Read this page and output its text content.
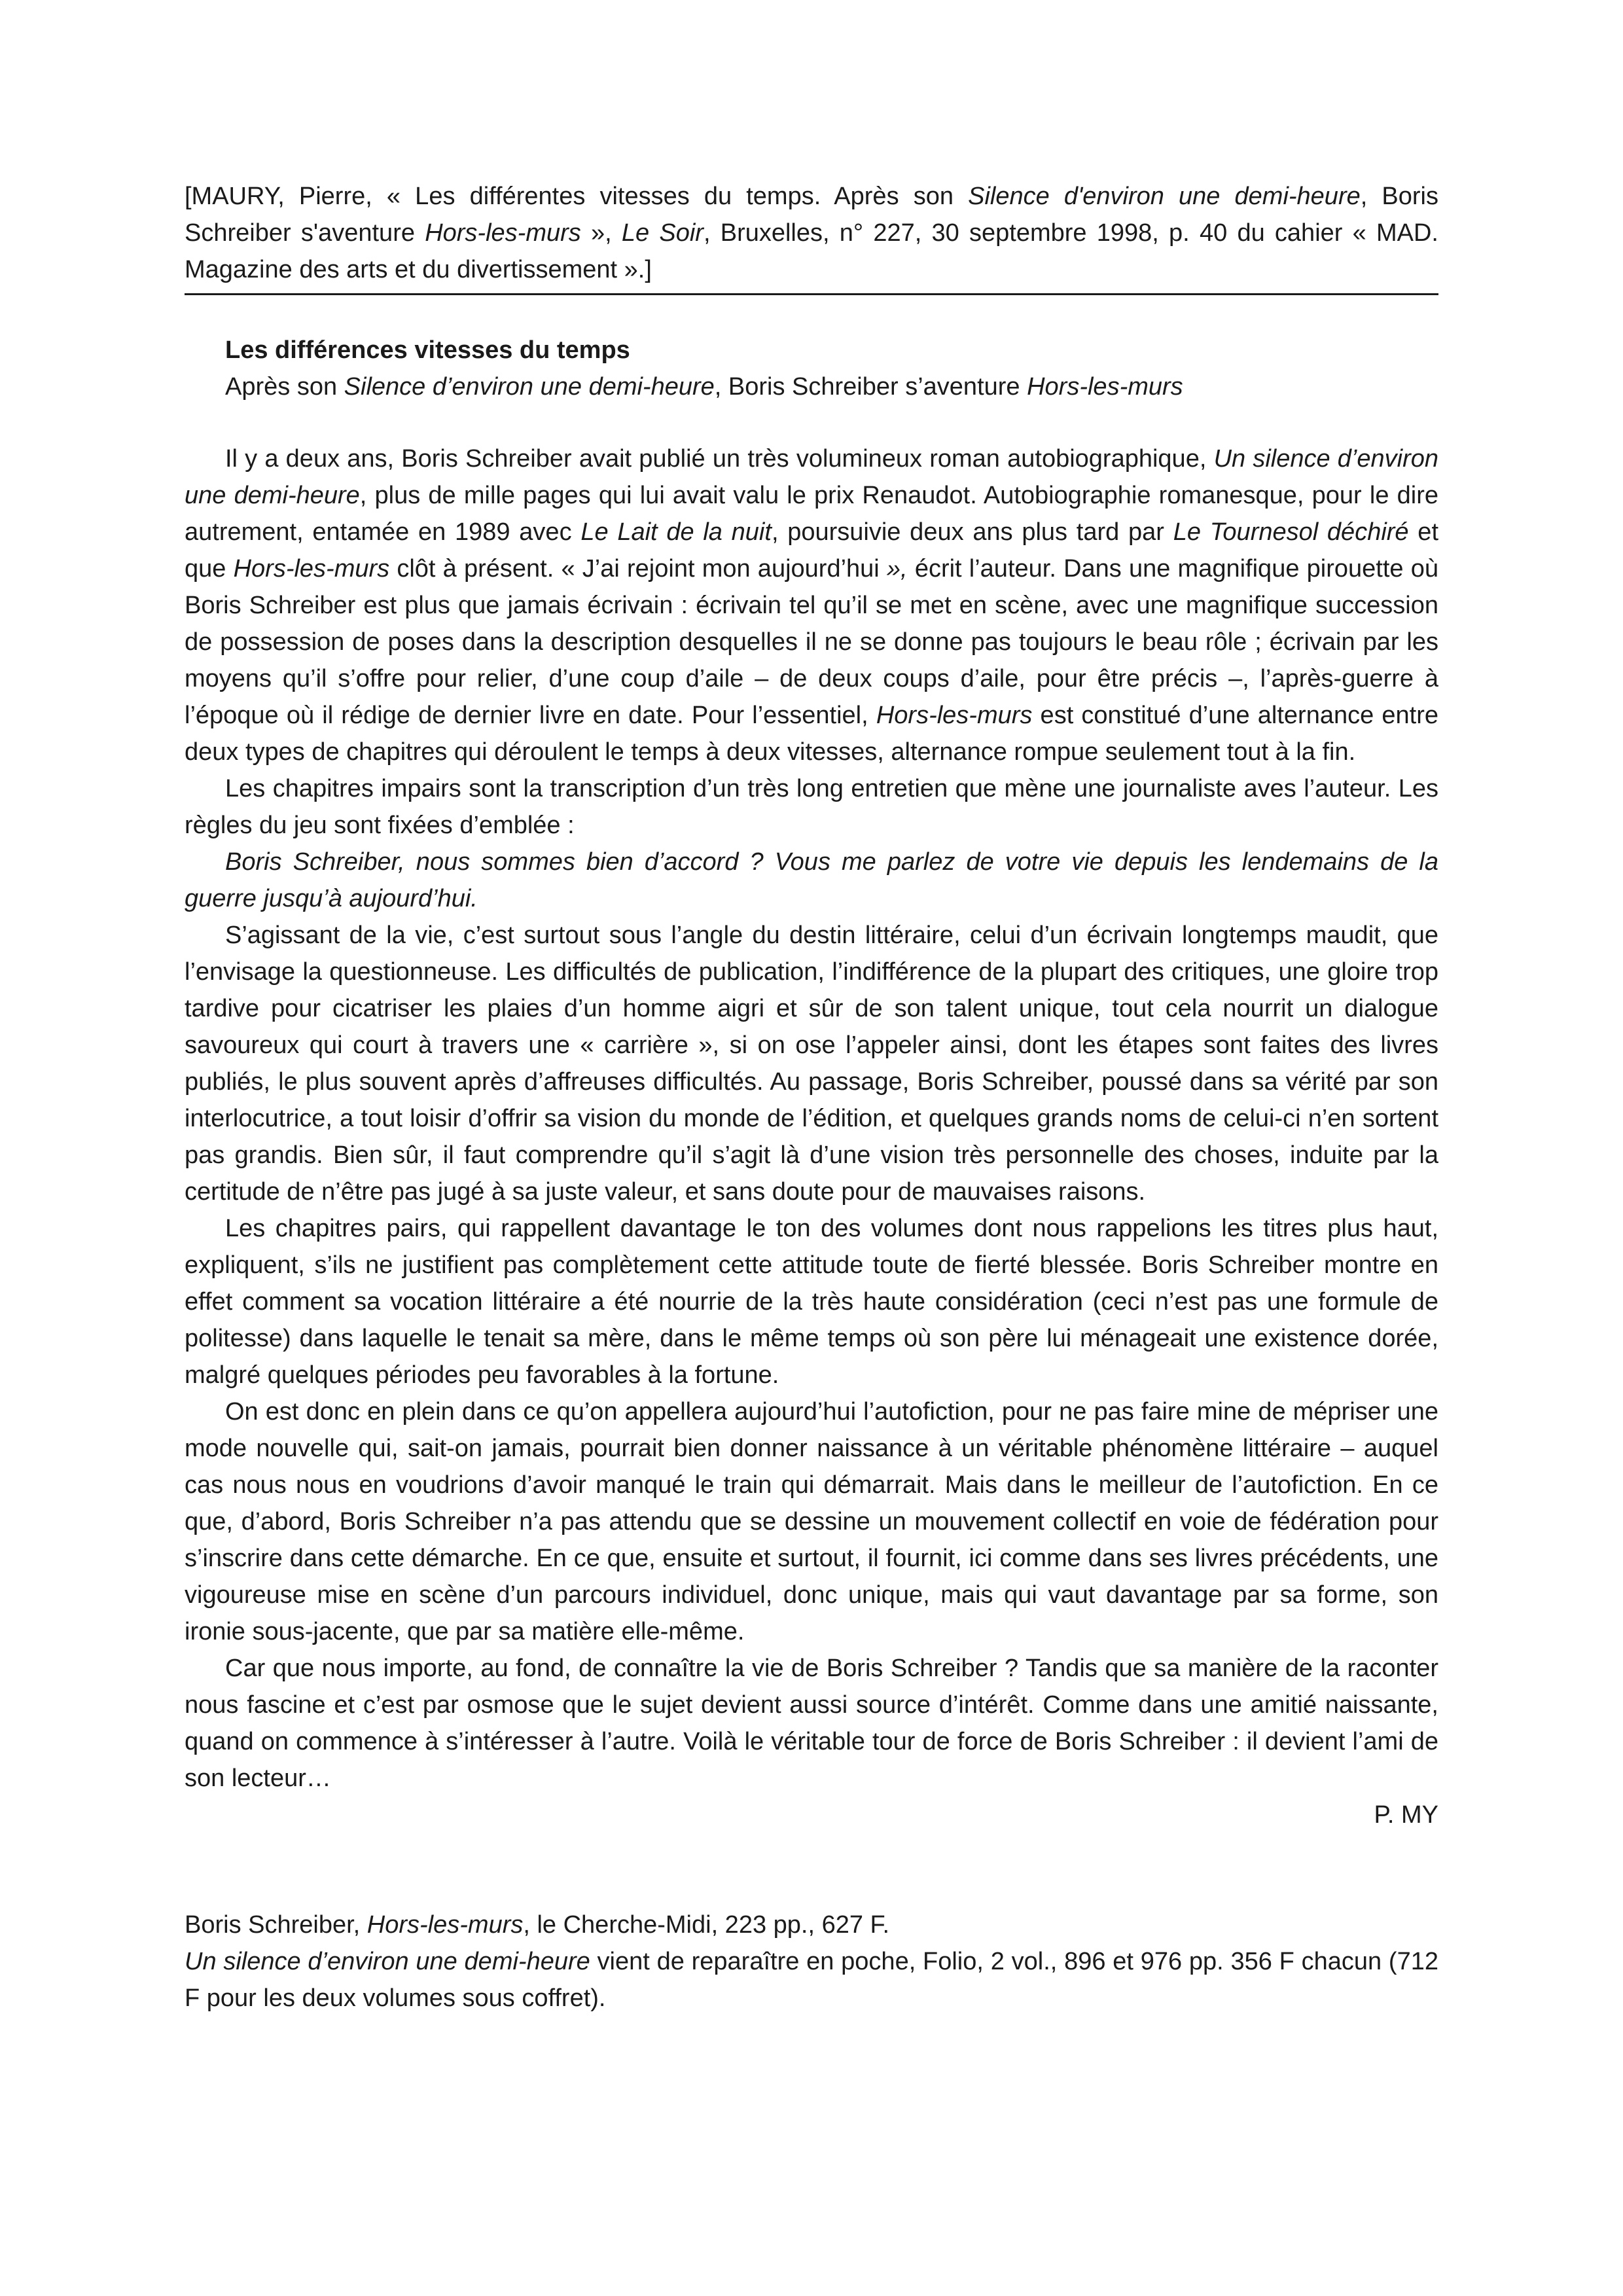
[MAURY, Pierre, « Les différentes vitesses du temps. Après son Silence d'environ une demi-heure, Boris Schreiber s'aventure Hors-les-murs », Le Soir, Bruxelles, n° 227, 30 septembre 1998, p. 40 du cahier « MAD. Magazine des arts et du divertissement ».]

Les différences vitesses du temps
Après son Silence d’environ une demi-heure, Boris Schreiber s’aventure Hors-les-murs

Il y a deux ans, Boris Schreiber avait publié un très volumineux roman autobiographique, Un silence d’environ une demi-heure, plus de mille pages qui lui avait valu le prix Renaudot. Autobiographie romanesque, pour le dire autrement, entamée en 1989 avec Le Lait de la nuit, poursuivie deux ans plus tard par Le Tournesol déchiré et que Hors-les-murs clôt à présent. « J’ai rejoint mon aujourd’hui », écrit l’auteur. Dans une magnifique pirouette où Boris Schreiber est plus que jamais écrivain : écrivain tel qu’il se met en scène, avec une magnifique succession de possession de poses dans la description desquelles il ne se donne pas toujours le beau rôle ; écrivain par les moyens qu’il s’offre pour relier, d’une coup d’aile – de deux coups d’aile, pour être précis –, l’après-guerre à l’époque où il rédige de dernier livre en date. Pour l’essentiel, Hors-les-murs est constitué d’une alternance entre deux types de chapitres qui déroulent le temps à deux vitesses, alternance rompue seulement tout à la fin.

Les chapitres impairs sont la transcription d’un très long entretien que mène une journaliste aves l’auteur. Les règles du jeu sont fixées d’emblée :

Boris Schreiber, nous sommes bien d’accord ? Vous me parlez de votre vie depuis les lendemains de la guerre jusqu’à aujourd’hui.

S’agissant de la vie, c’est surtout sous l’angle du destin littéraire, celui d’un écrivain longtemps maudit, que l’envisage la questionneuse. Les difficultés de publication, l’indifférence de la plupart des critiques, une gloire trop tardive pour cicatriser les plaies d’un homme aigri et sûr de son talent unique, tout cela nourrit un dialogue savoureux qui court à travers une « carrière », si on ose l’appeler ainsi, dont les étapes sont faites des livres publiés, le plus souvent après d’affreuses difficultés. Au passage, Boris Schreiber, poussé dans sa vérité par son interlocutrice, a tout loisir d’offrir sa vision du monde de l’édition, et quelques grands noms de celui-ci n’en sortent pas grandis. Bien sûr, il faut comprendre qu’il s’agit là d’une vision très personnelle des choses, induite par la certitude de n’être pas jugé à sa juste valeur, et sans doute pour de mauvaises raisons.

Les chapitres pairs, qui rappellent davantage le ton des volumes dont nous rappelions les titres plus haut, expliquent, s’ils ne justifient pas complètement cette attitude toute de fierté blessée. Boris Schreiber montre en effet comment sa vocation littéraire a été nourrie de la très haute considération (ceci n’est pas une formule de politesse) dans laquelle le tenait sa mère, dans le même temps où son père lui ménageait une existence dorée, malgré quelques périodes peu favorables à la fortune.

On est donc en plein dans ce qu’on appellera aujourd’hui l’autofiction, pour ne pas faire mine de mépriser une mode nouvelle qui, sait-on jamais, pourrait bien donner naissance à un véritable phénomène littéraire – auquel cas nous nous en voudrions d’avoir manqué le train qui démarrait. Mais dans le meilleur de l’autofiction. En ce que, d’abord, Boris Schreiber n’a pas attendu que se dessine un mouvement collectif en voie de fédération pour s’inscrire dans cette démarche. En ce que, ensuite et surtout, il fournit, ici comme dans ses livres précédents, une vigoureuse mise en scène d’un parcours individuel, donc unique, mais qui vaut davantage par sa forme, son ironie sous-jacente, que par sa matière elle-même.

Car que nous importe, au fond, de connaître la vie de Boris Schreiber ? Tandis que sa manière de la raconter nous fascine et c’est par osmose que le sujet devient aussi source d’intérêt. Comme dans une amitié naissante, quand on commence à s’intéresser à l’autre. Voilà le véritable tour de force de Boris Schreiber : il devient l’ami de son lecteur…

P. MY

Boris Schreiber, Hors-les-murs, le Cherche-Midi, 223 pp., 627 F.

Un silence d’environ une demi-heure vient de reparaître en poche, Folio, 2 vol., 896 et 976 pp. 356 F chacun (712 F pour les deux volumes sous coffret).
